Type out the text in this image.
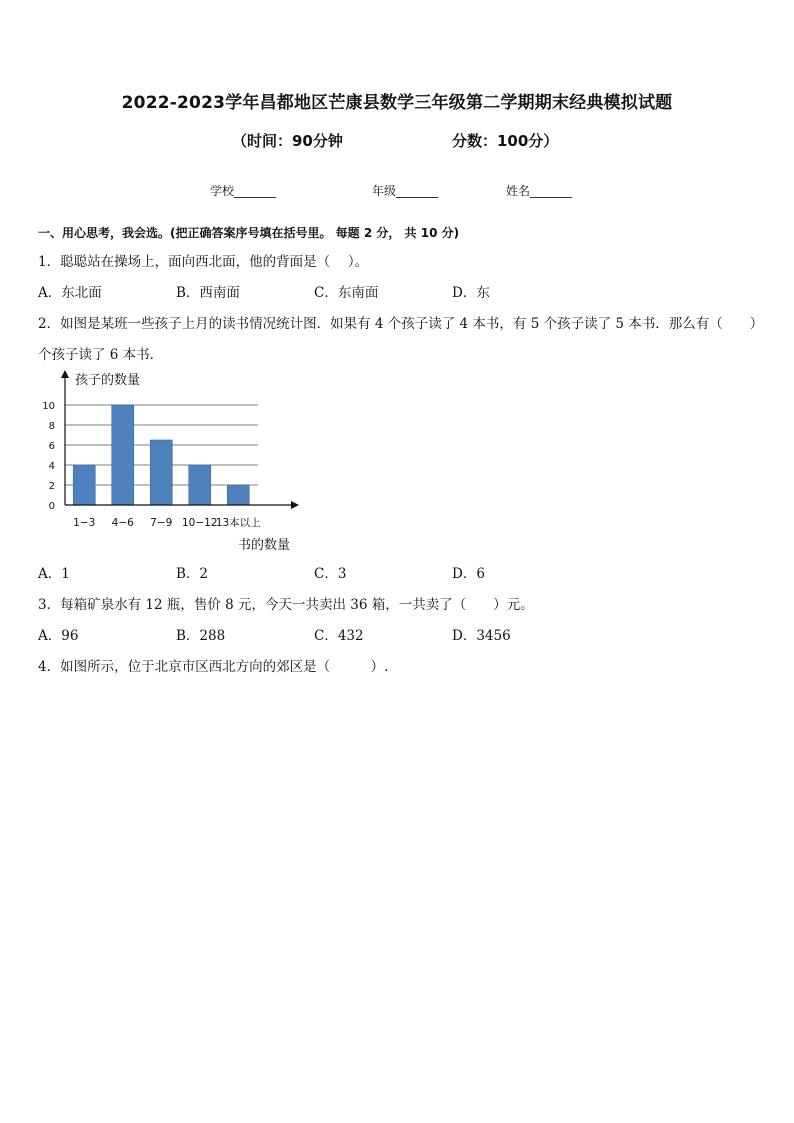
2022-2023学年昌都地区芒康县数学三年级第二学期期末经典模拟试题
（时间：90分钟	分数：100分）
学校_______	年级_______	姓名_______
一、用心思考，我会选。(把正确答案序号填在括号里。 每题 2 分， 共 10 分)
1．聪聪站在操场上，面向西北面，他的背面是（　 ）。
A．东北面	B．西南面	C．东南面	D．东
2．如图是某班一些孩子上月的读书情况统计图．如果有 4 个孩子读了 4 本书，有 5 个孩子读了 5 本书．那么有（　　）
个孩子读了 6 本书．
0
2
4
6
8
10
1−3 4−6 7−9 10−12
13本以上
孩子的数量
书的数量
A．1	B．2	C．3	D．6
3．每箱矿泉水有 12 瓶，售价 8 元，今天一共卖出 36 箱，一共卖了（　　）元。
A．96	B．288	C．432	D．3456
4．如图所示，位于北京市区西北方向的郊区是（　　　）.
